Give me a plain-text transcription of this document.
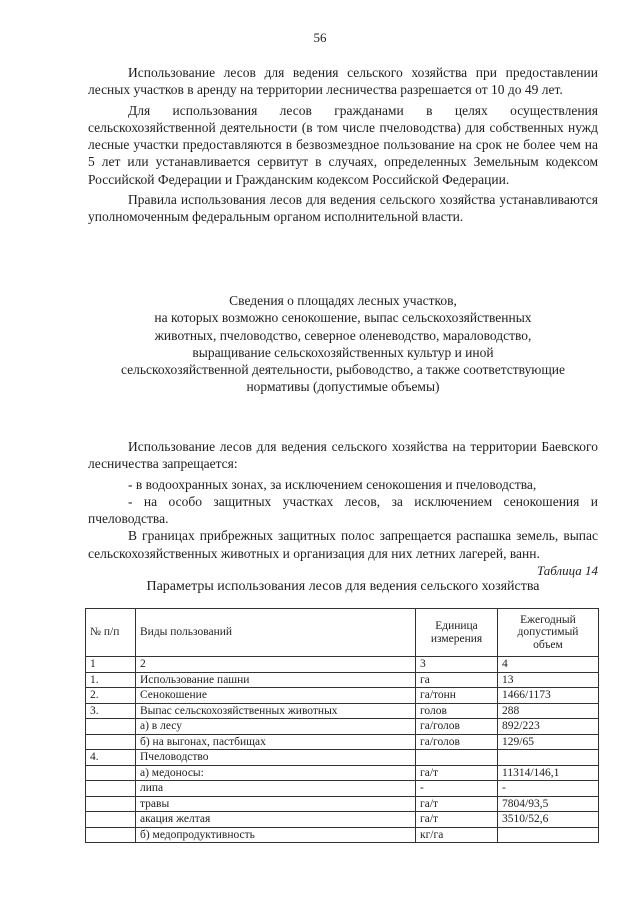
56

Использование лесов для ведения сельского хозяйства при предоставлении лесных участков в аренду на территории лесничества разрешается от 10 до 49 лет.

Для использования лесов гражданами в целях осуществления сельскохозяйственной деятельности (в том числе пчеловодства) для собственных нужд лесные участки предоставляются в безвозмездное пользование на срок не более чем на 5 лет или устанавливается сервитут в случаях, определенных Земельным кодексом Российской Федерации и Гражданским кодексом Российской Федерации.

Правила использования лесов для ведения сельского хозяйства устанавливаются уполномоченным федеральным органом исполнительной власти.

Сведения о площадях лесных участков,
на которых возможно сенокошение, выпас сельскохозяйственных
животных, пчеловодство, северное оленеводство, мараловодство,
выращивание сельскохозяйственных культур и иной
сельскохозяйственной деятельности, рыбоводство, а также соответствующие
нормативы (допустимые объемы)

Использование лесов для ведения сельского хозяйства на территории Баевского лесничества запрещается:

- в водоохранных зонах, за исключением сенокошения и пчеловодства,

- на особо защитных участках лесов, за исключением сенокошения и пчеловодства.

В границах прибрежных защитных полос запрещается распашка земель, выпас сельскохозяйственных животных и организация для них летних лагерей, ванн.

Таблица 14
Параметры использования лесов для ведения сельского хозяйства
№ п/п	Виды пользований	Единица измерения	Ежегодный допустимый объем
1	2	3	4
1.	Использование пашни	га	13
2.	Сенокошение	га/тонн	1466/1173
3.	Выпас сельскохозяйственных животных	голов	288
	а) в лесу	га/голов	892/223
	б) на выгонах, пастбищах	га/голов	129/65
4.	Пчеловодство		
	а) медоносы:	га/т	11314/146,1
	липа	-	-
	травы	га/т	7804/93,5
	акация желтая	га/т	3510/52,6
	б) медопродуктивность	кг/га	
